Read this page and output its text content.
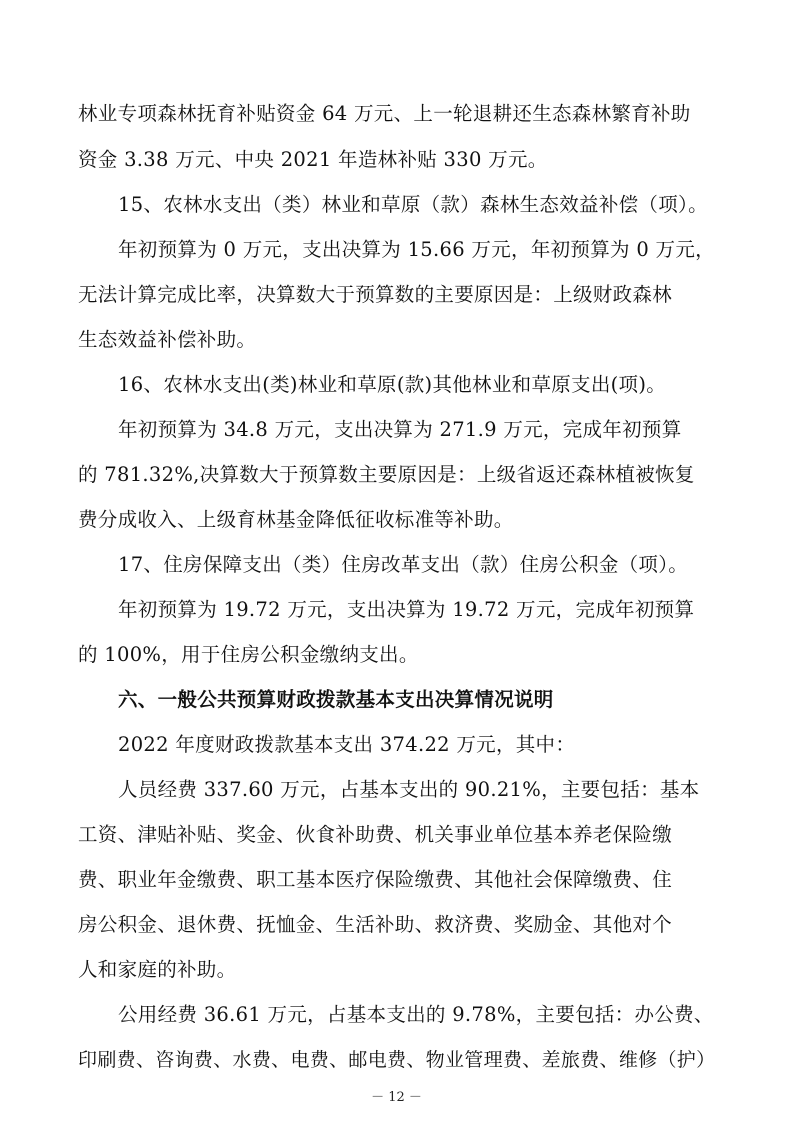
林业专项森林抚育补贴资金 64 万元、上一轮退耕还生态森林繁育补助
资金 3.38 万元、中央 2021 年造林补贴 330 万元。
15、农林水支出（类）林业和草原（款）森林生态效益补偿（项）。
年初预算为 0 万元，支出决算为 15.66 万元，年初预算为 0 万元，
无法计算完成比率，决算数大于预算数的主要原因是：上级财政森林
生态效益补偿补助。
16、农林水支出(类)林业和草原(款)其他林业和草原支出(项)。
年初预算为 34.8 万元，支出决算为 271.9 万元，完成年初预算
的 781.32%,决算数大于预算数主要原因是：上级省返还森林植被恢复
费分成收入、上级育林基金降低征收标准等补助。
17、住房保障支出（类）住房改革支出（款）住房公积金（项）。
年初预算为 19.72 万元，支出决算为 19.72 万元，完成年初预算
的 100%，用于住房公积金缴纳支出。
六、一般公共预算财政拨款基本支出决算情况说明
2022 年度财政拨款基本支出 374.22 万元，其中：
人员经费 337.60 万元，占基本支出的 90.21%，主要包括：基本
工资、津贴补贴、奖金、伙食补助费、机关事业单位基本养老保险缴
费、职业年金缴费、职工基本医疗保险缴费、其他社会保障缴费、住
房公积金、退休费、抚恤金、生活补助、救济费、奖励金、其他对个
人和家庭的补助。
公用经费 36.61 万元，占基本支出的 9.78%，主要包括：办公费、
印刷费、咨询费、水费、电费、邮电费、物业管理费、差旅费、维修（护）
－ 12 －
